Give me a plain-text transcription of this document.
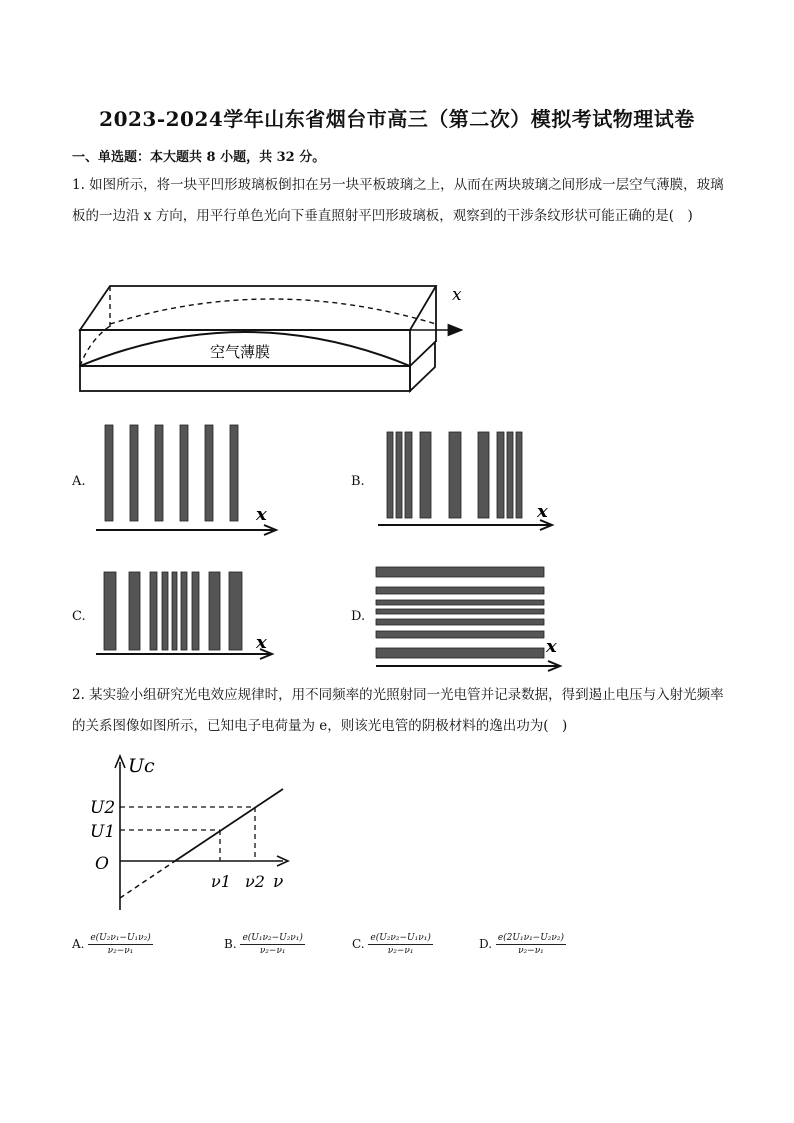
2023-2024学年山东省烟台市高三（第二次）模拟考试物理试卷
一、单选题：本大题共 8 小题，共 32 分。
1. 如图所示，将一块平凹形玻璃板倒扣在另一块平板玻璃之上，从而在两块玻璃之间形成一层空气薄膜，玻璃板的一边沿 x 方向，用平行单色光向下垂直照射平凹形玻璃板，观察到的干涉条纹形状可能正确的是(　)
x
空气薄膜
A.
x
B.
x
C.
x
D.
x
2. 某实验小组研究光电效应规律时，用不同频率的光照射同一光电管并记录数据，得到遏止电压与入射光频率的关系图像如图所示，已知电子电荷量为 e，则该光电管的阴极材料的逸出功为(　)
Uc
U2
U1
O
ν1 ν2 ν
A. $\frac{\text{e(U₂ν₁−U₁ν₂)}}{\text{ν₂−ν₁}}$	B. $\frac{\text{e(U₁ν₂−U₂ν₁)}}{\text{ν₂−ν₁}}$	C. $\frac{\text{e(U₂ν₂−U₁ν₁)}}{\text{ν₂−ν₁}}$	D. $\frac{\text{e(2U₁ν₁−U₂ν₂)}}{\text{ν₂−ν₁}}$
